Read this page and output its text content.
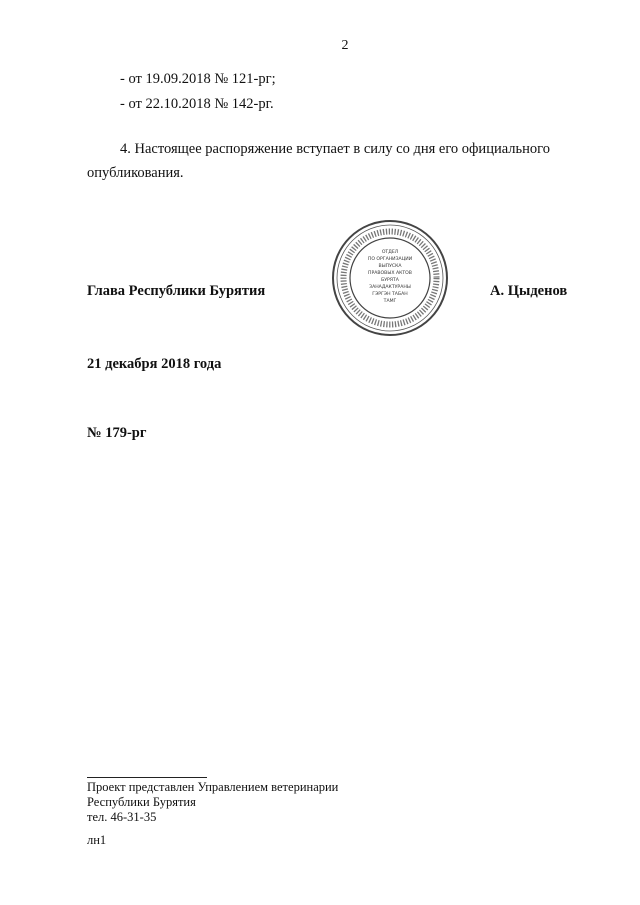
2
- от 19.09.2018 № 121-рг;
- от 22.10.2018 № 142-рг.
4. Настоящее распоряжение вступает в силу со дня его официального опубликования.
ОТДЕЛ
ПО ОРГАНИЗАЦИИ
ВЫПУСКА
ПРАВОВЫХ АКТОВ
БУРЯТА
ЗАНАДАКТУРАНЫ
ГЭРГЭН ТАБАН
ТАМГ
Глава Республики Бурятия	А. Цыденов
21 декабря 2018 года
№ 179-рг
Проект представлен Управлением ветеринарии
Республики Бурятия
тел. 46-31-35
лн1
